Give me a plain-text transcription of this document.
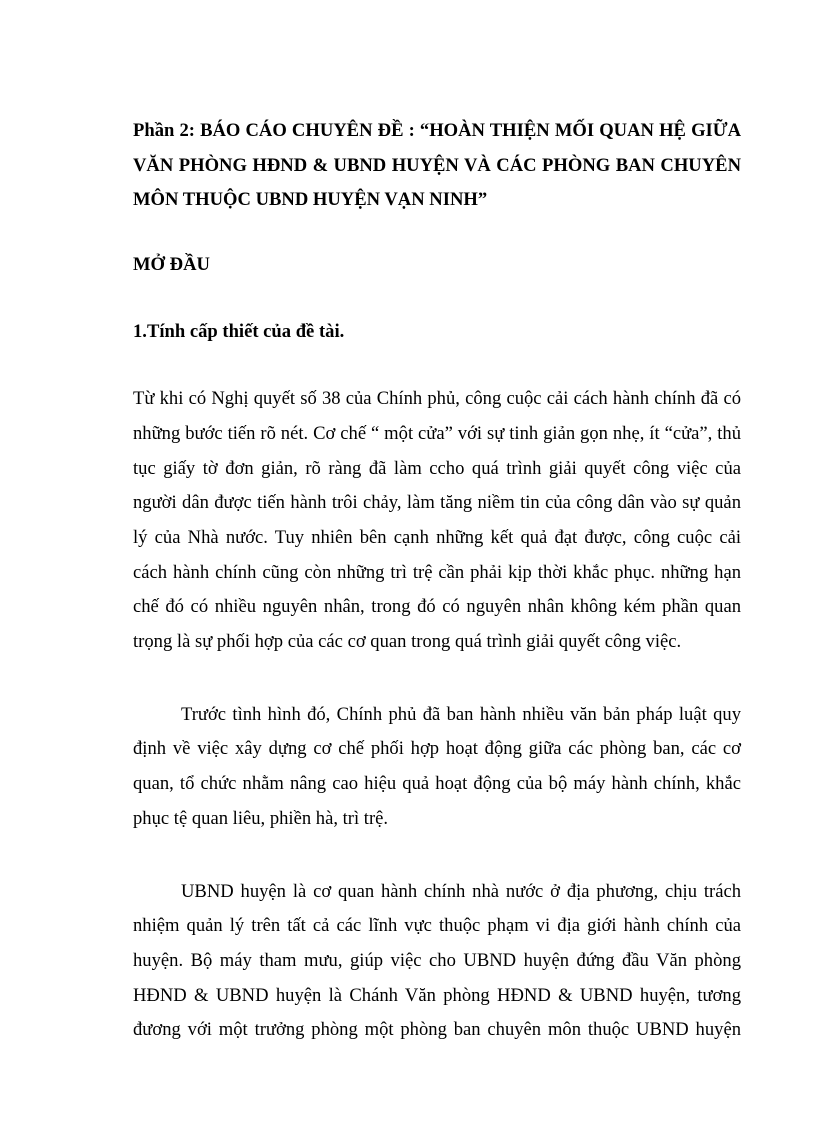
Phần 2: BÁO CÁO CHUYÊN ĐỀ : “HOÀN THIỆN MỐI QUAN HỆ GIỮA
VĂN PHÒNG HĐND & UBND HUYỆN VÀ CÁC PHÒNG BAN CHUYÊN
MÔN THUỘC UBND HUYỆN VẠN NINH”
MỞ ĐẦU
1.Tính cấp thiết của đề tài.
Từ khi có Nghị quyết số 38 của Chính phủ, công cuộc cải cách hành chính đã có
những bước tiến rõ nét. Cơ chế “ một cửa” với sự tinh giản gọn nhẹ, ít “cửa”, thủ
tục giấy tờ đơn giản, rõ ràng đã làm ccho quá trình giải quyết công việc của
người dân được tiến hành trôi chảy, làm tăng niềm tin của công dân vào sự quản
lý của Nhà nước. Tuy nhiên bên cạnh những kết quả đạt được, công cuộc cải
cách hành chính cũng còn những trì trệ cần phải kịp thời khắc phục. những hạn
chế đó có nhiều nguyên nhân, trong đó có nguyên nhân không kém phần quan
trọng là sự phối hợp của các cơ quan trong quá trình giải quyết công việc.
Trước tình hình đó, Chính phủ đã ban hành nhiều văn bản pháp luật quy
định về việc xây dựng cơ chế phối hợp hoạt động giữa các phòng ban, các cơ
quan, tổ chức nhằm nâng cao hiệu quả hoạt động của bộ máy hành chính, khắc
phục tệ quan liêu, phiền hà, trì trệ.
UBND huyện là cơ quan hành chính nhà nước ở địa phương, chịu trách
nhiệm quản lý trên tất cả các lĩnh vực thuộc phạm vi địa giới hành chính của
huyện. Bộ máy tham mưu, giúp việc cho UBND huyện đứng đầu Văn phòng
HĐND & UBND huyện là Chánh Văn phòng HĐND & UBND huyện, tương
đương với một trưởng phòng một phòng ban chuyên môn thuộc UBND huyện
